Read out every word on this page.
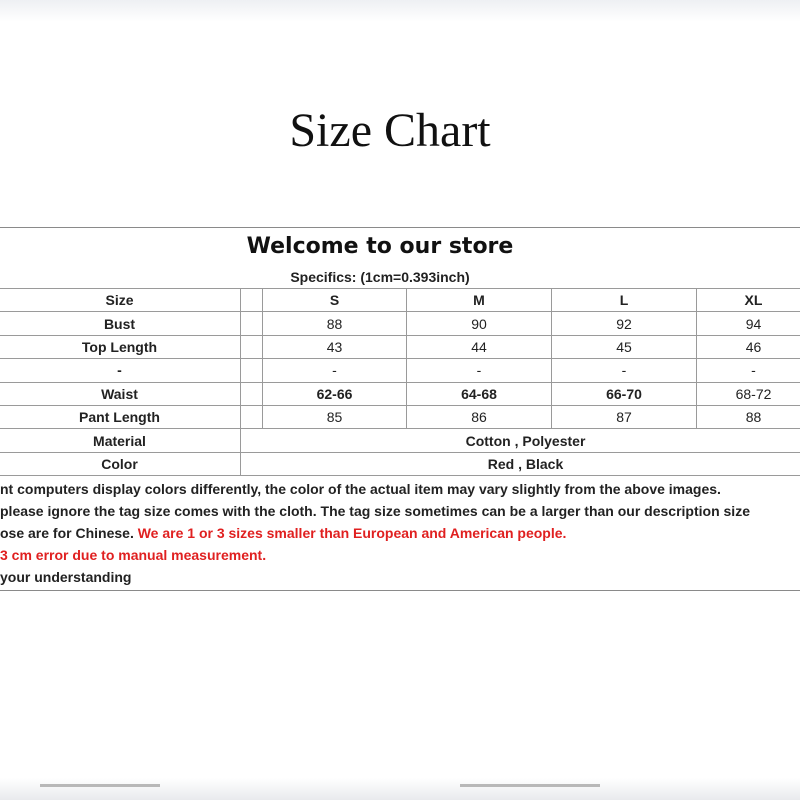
Size Chart
Welcome to our store
Specifics: (1cm=0.393inch)
Size		S	M	L	XL
Bust		88	90	92	94
Top Length		43	44	45	46
-		-	-	-	-
Waist		62-66	64-68	66-70	68-72
Pant Length		85	86	87	88
Material	Cotton , Polyester				
Color	Red , Black				
nt computers display colors differently, the color of the actual item may vary slightly from the above images.
please ignore the tag size comes with the cloth. The tag size sometimes can be a larger than our description size
ose are for Chinese. We are 1 or 3 sizes smaller than European and American people.
3 cm error due to manual measurement.
your understanding
